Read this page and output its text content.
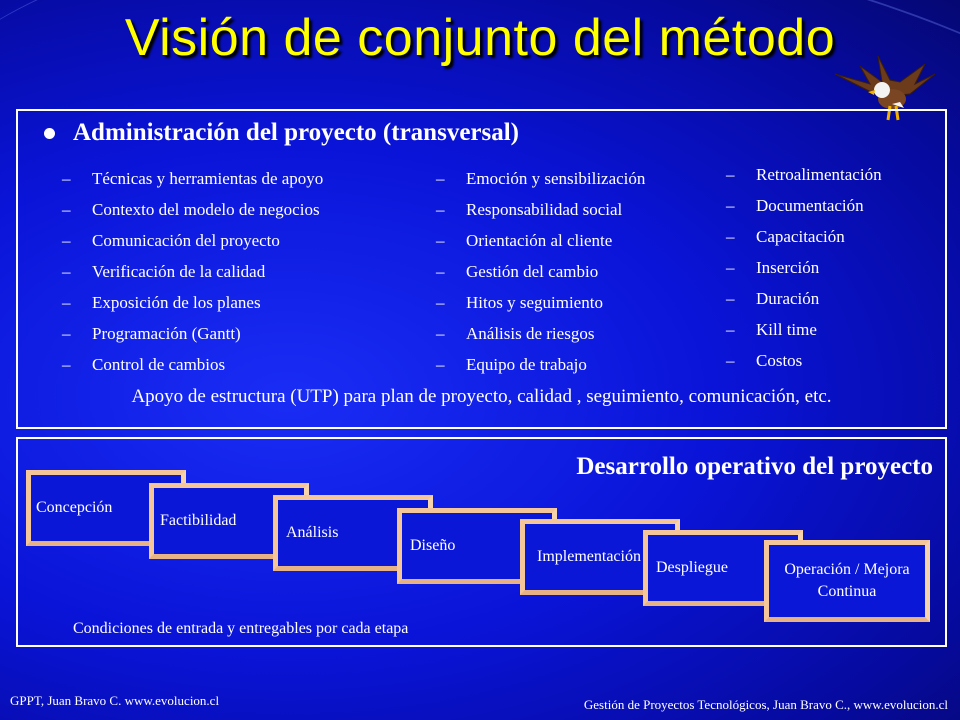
Visión de conjunto del método
Administración del proyecto (transversal)
–	Técnicas y herramientas de apoyo
–	Contexto del modelo de negocios
–	Comunicación del proyecto
–	Verificación de la calidad
–	Exposición de los planes
–	Programación (Gantt)
–	Control de cambios
–	Emoción y sensibilización
–	Responsabilidad social
–	Orientación al cliente
–	Gestión del cambio
–	Hitos y seguimiento
–	Análisis de riesgos
–	Equipo de trabajo
–	Retroalimentación
–	Documentación
–	Capacitación
–	Inserción
–	Duración
–	Kill time
–	Costos
Apoyo de estructura (UTP) para plan de proyecto, calidad , seguimiento, comunicación, etc.
Desarrollo operativo del proyecto
Concepción
Factibilidad
Análisis
Diseño
Implementación
Despliegue	Operación / Mejora Continua
Condiciones de entrada y entregables por cada etapa
GPPT, Juan Bravo C. www.evolucion.cl	Gestión de Proyectos Tecnológicos, Juan Bravo C., www.evolucion.cl
